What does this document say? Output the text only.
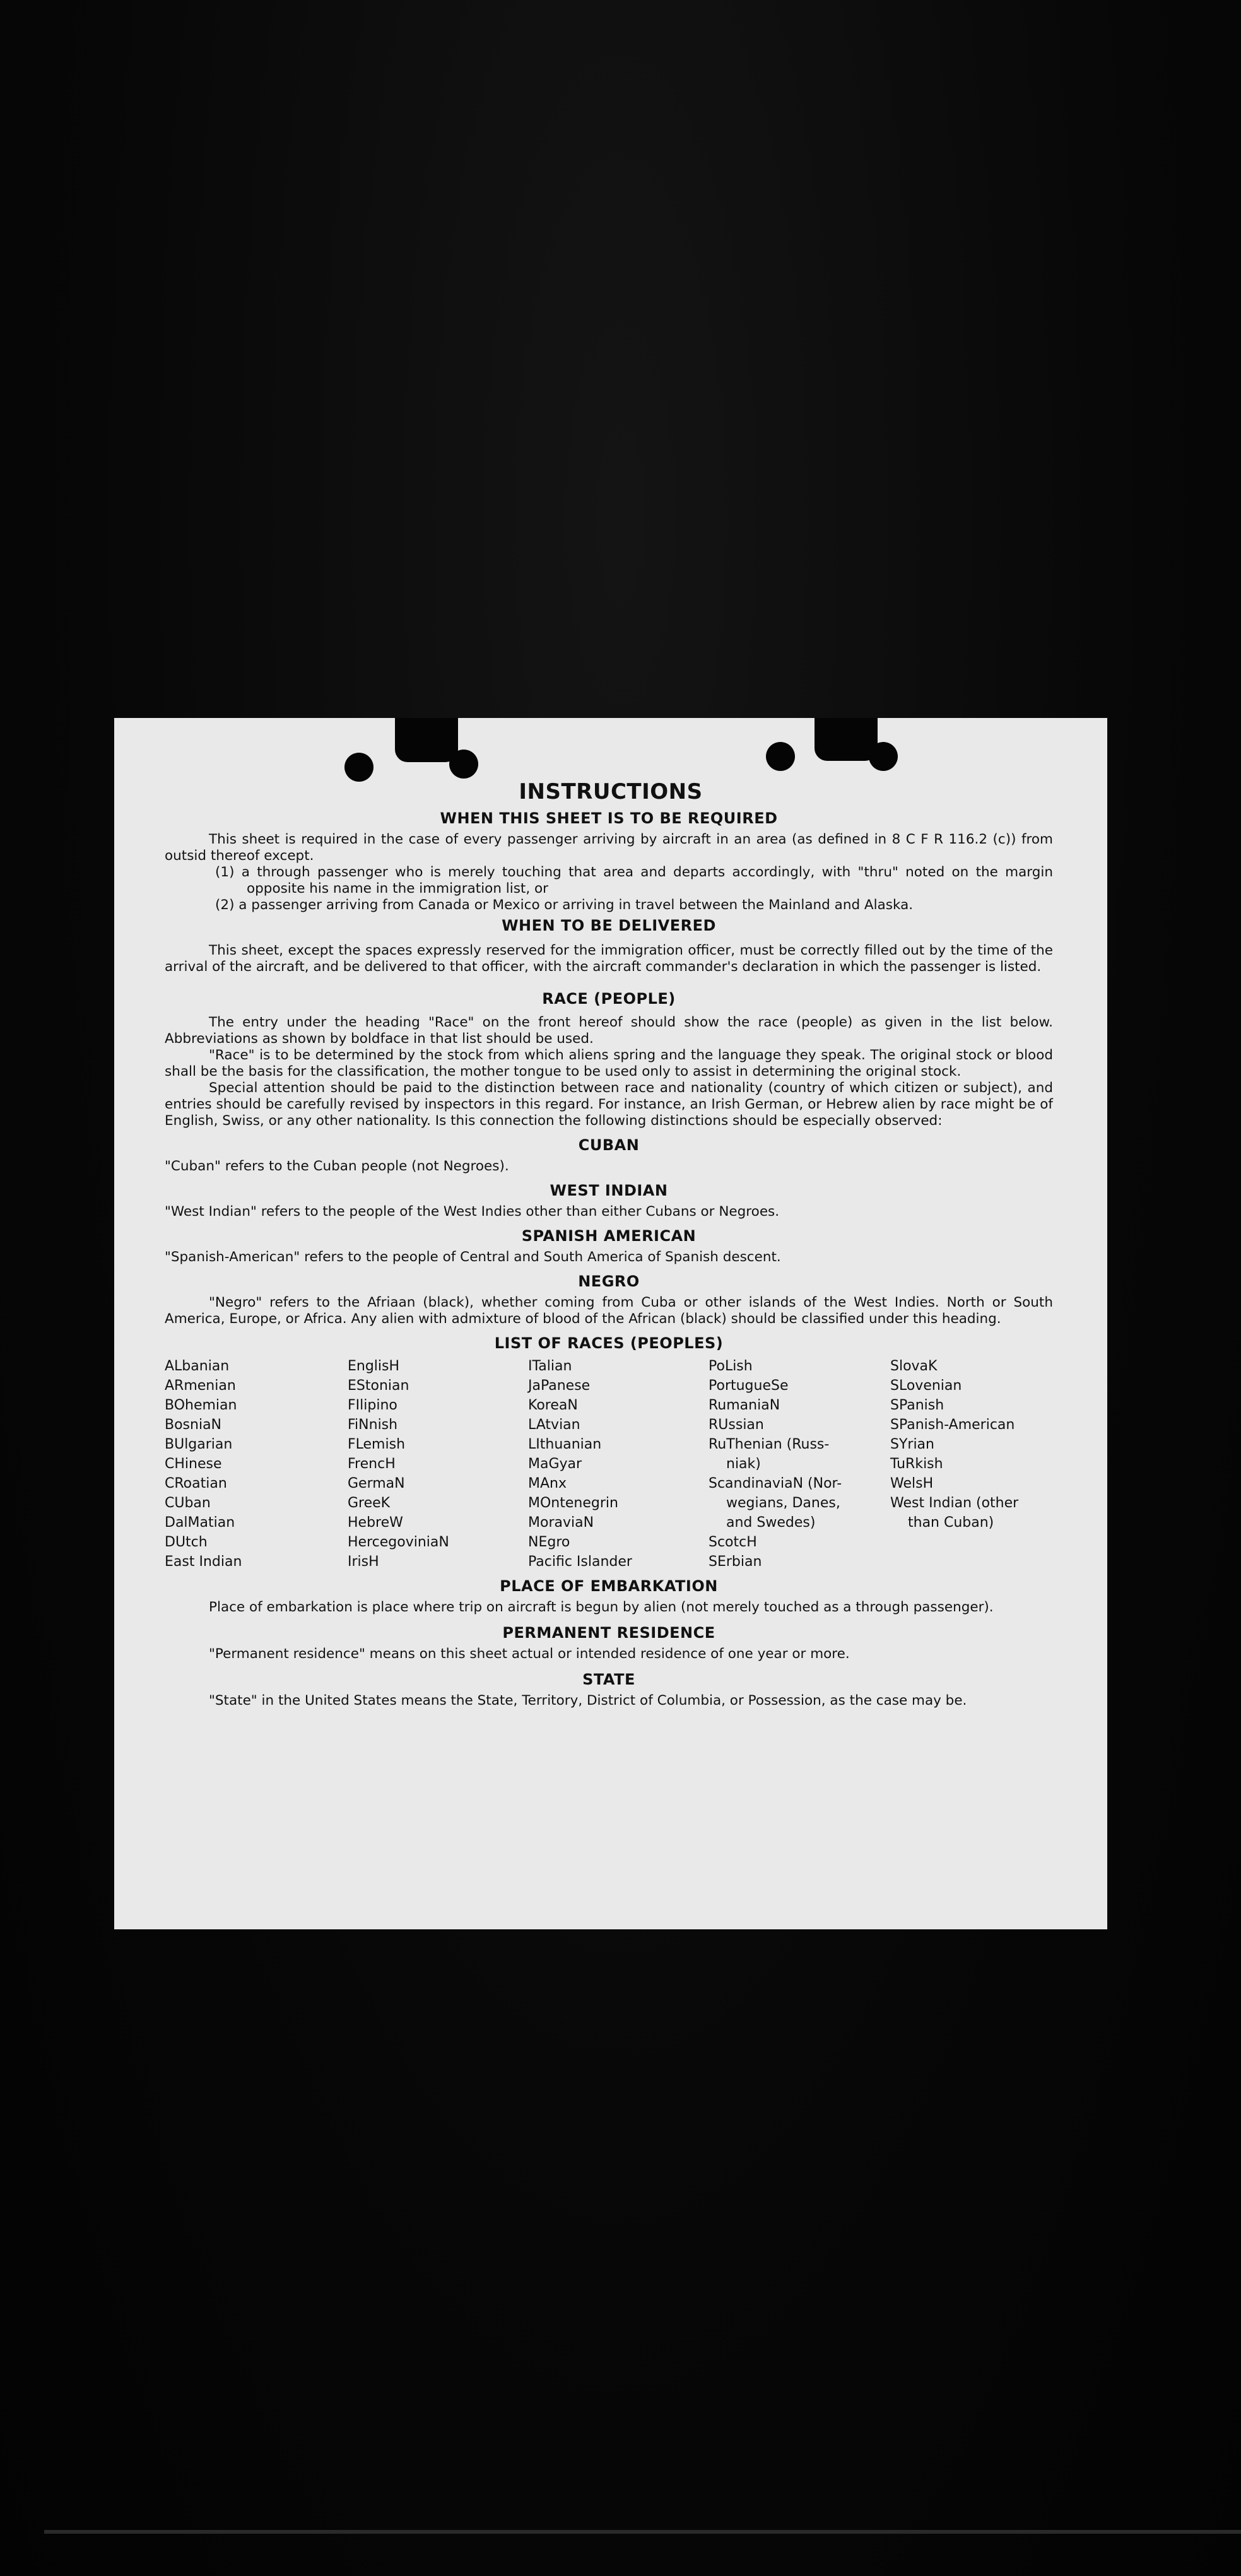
INSTRUCTIONS
WHEN THIS SHEET IS TO BE REQUIRED

This sheet is required in the case of every passenger arriving by aircraft in an area (as defined in 8 C F R 116.2 (c)) from outsid thereof except.

(1) a through passenger who is merely touching that area and departs accordingly, with "thru" noted on the margin opposite his name in the immigration list, or

(2) a passenger arriving from Canada or Mexico or arriving in travel between the Mainland and Alaska.

WHEN TO BE DELIVERED

This sheet, except the spaces expressly reserved for the immigration officer, must be correctly filled out by the time of the arrival of the aircraft, and be delivered to that officer, with the aircraft commander's declaration in which the passenger is listed.

RACE (PEOPLE)

The entry under the heading "Race" on the front hereof should show the race (people) as given in the list below. Abbreviations as shown by boldface in that list should be used.

"Race" is to be determined by the stock from which aliens spring and the language they speak. The original stock or blood shall be the basis for the classification, the mother tongue to be used only to assist in determining the original stock.

Special attention should be paid to the distinction between race and nationality (country of which citizen or subject), and entries should be carefully revised by inspectors in this regard. For instance, an Irish German, or Hebrew alien by race might be of English, Swiss, or any other nationality. Is this connection the following distinctions should be especially observed:

CUBAN

"Cuban" refers to the Cuban people (not Negroes).

WEST INDIAN

"West Indian" refers to the people of the West Indies other than either Cubans or Negroes.

SPANISH AMERICAN

"Spanish-American" refers to the people of Central and South America of Spanish descent.

NEGRO

"Negro" refers to the Afriaan (black), whether coming from Cuba or other islands of the West Indies. North or South America, Europe, or Africa. Any alien with admixture of blood of the African (black) should be classified under this heading.

LIST OF RACES (PEOPLES)
ALbanian
ARmenian
BOhemian
BosniaN
BUlgarian
CHinese
CRoatian
CUban
DalMatian
DUtch
East Indian
EnglisH
EStonian
FIlipino
FiNnish
FLemish
FrencH
GermaN
GreeK
HebreW
HercegoviniaN
IrisH
ITalian
JaPanese
KoreaN
LAtvian
LIthuanian
MaGyar
MAnx
MOntenegrin
MoraviaN
NEgro
Pacific Islander
PoLish
PortugueSe
RumaniaN
RUssian
RuThenian (Russ-
niak)
ScandinaviaN (Nor-
wegians, Danes,
and Swedes)
ScotcH
SErbian
SlovaK
SLovenian
SPanish
SPanish-American
SYrian
TuRkish
WelsH
West Indian (other
than Cuban)
PLACE OF EMBARKATION

Place of embarkation is place where trip on aircraft is begun by alien (not merely touched as a through passenger).

PERMANENT RESIDENCE

"Permanent residence" means on this sheet actual or intended residence of one year or more.

STATE

"State" in the United States means the State, Territory, District of Columbia, or Possession, as the case may be.
